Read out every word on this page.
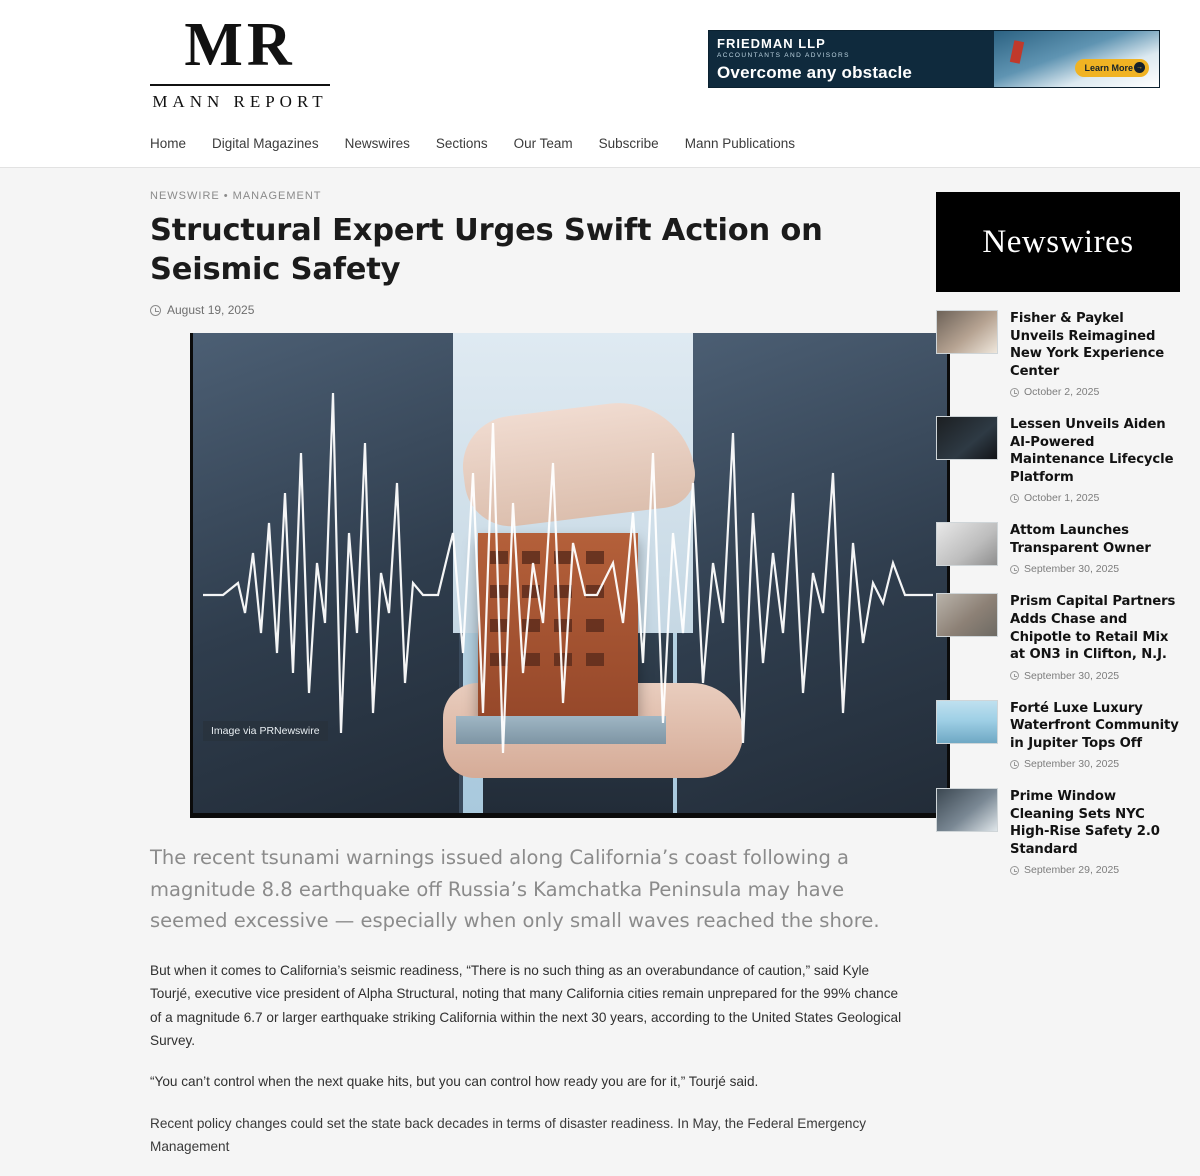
MR
MANN REPORT
FRIEDMAN LLP
ACCOUNTANTS AND ADVISORS
Overcome any obstacle	Learn More →
Home Digital Magazines Newswires Sections Our Team Subscribe Mann Publications
NEWSWIRE • MANAGEMENT
Structural Expert Urges Swift Action on Seismic Safety
August 19, 2025
Image via PRNewswire

The recent tsunami warnings issued along California’s coast following a magnitude 8.8 earthquake off Russia’s Kamchatka Peninsula may have seemed excessive — especially when only small waves reached the shore.

But when it comes to California’s seismic readiness, “There is no such thing as an overabundance of caution,” said Kyle Tourjé, executive vice president of Alpha Structural, noting that many California cities remain unprepared for the 99% chance of a magnitude 6.7 or larger earthquake striking California within the next 30 years, according to the United States Geological Survey.

“You can’t control when the next quake hits, but you can control how ready you are for it,” Tourjé said.

Recent policy changes could set the state back decades in terms of disaster readiness. In May, the Federal Emergency Management

Newswires

Fisher & Paykel Unveils Reimagined New York Experience Center

October 2, 2025

Lessen Unveils Aiden AI-Powered Maintenance Lifecycle Platform

October 1, 2025

Attom Launches Transparent Owner

September 30, 2025

Prism Capital Partners Adds Chase and Chipotle to Retail Mix at ON3 in Clifton, N.J.

September 30, 2025

Forté Luxe Luxury Waterfront Community in Jupiter Tops Off

September 30, 2025

Prime Window Cleaning Sets NYC High-Rise Safety 2.0 Standard

September 29, 2025
